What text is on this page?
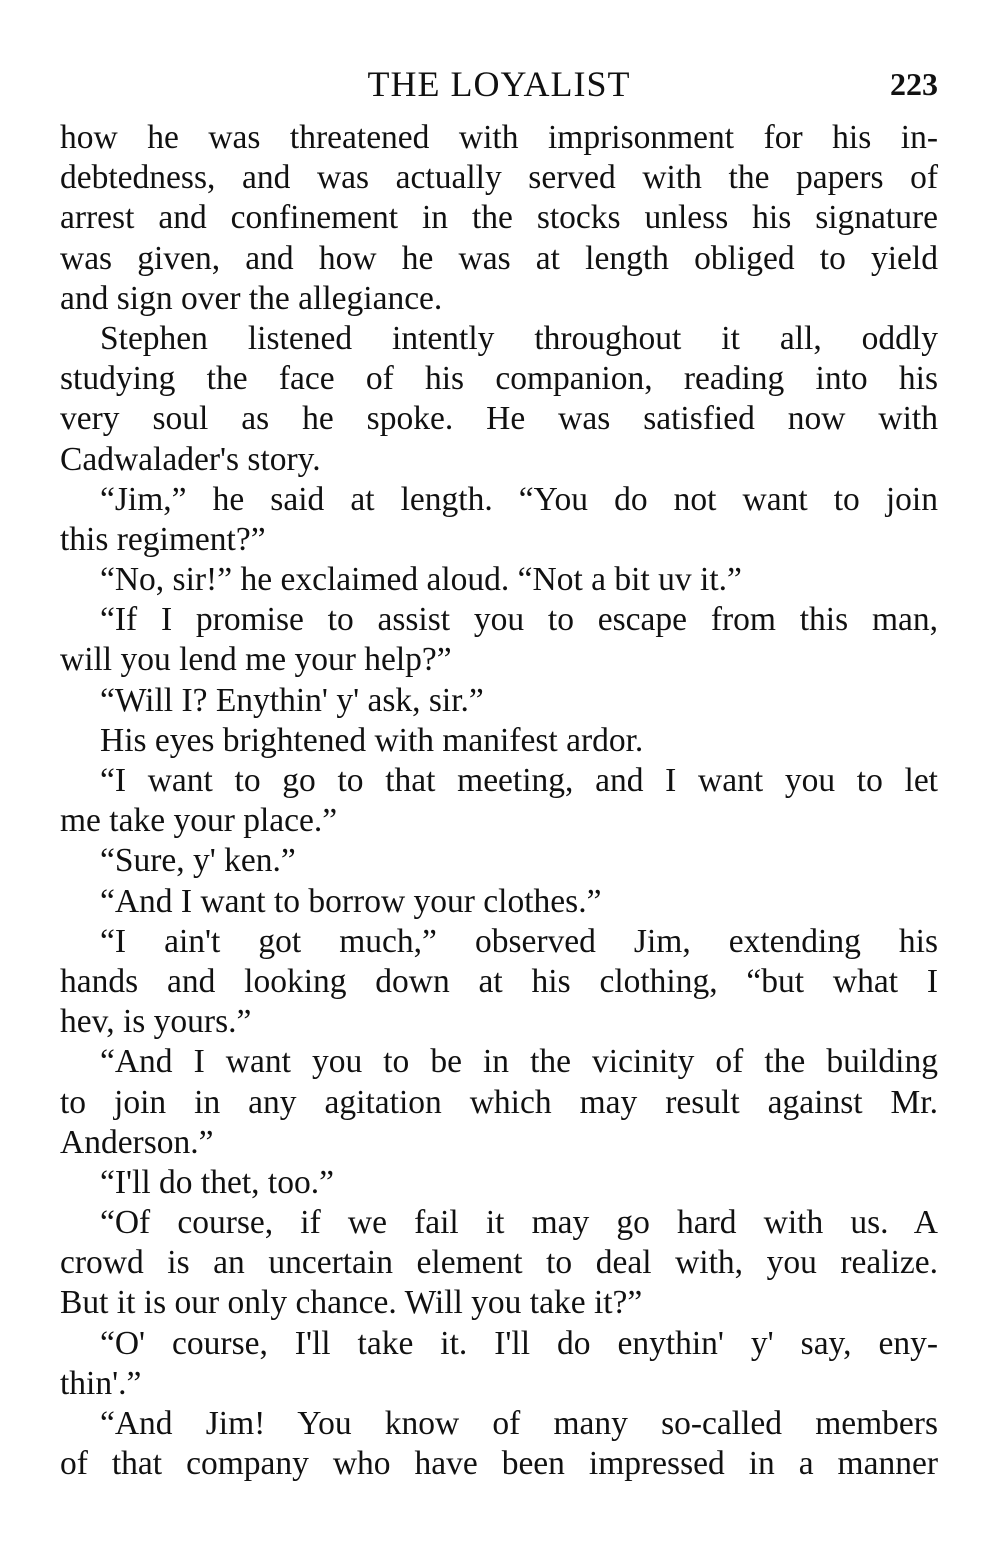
THE LOYALIST	223
how he was threatened with imprisonment for his in-
debtedness, and was actually served with the papers of
arrest and confinement in the stocks unless his signature
was given, and how he was at length obliged to yield
and sign over the allegiance.
Stephen listened intently throughout it all, oddly
studying the face of his companion, reading into his
very soul as he spoke. He was satisfied now with
Cadwalader's story.
“Jim,” he said at length. “You do not want to join
this regiment?”
“No, sir!” he exclaimed aloud. “Not a bit uv it.”
“If I promise to assist you to escape from this man,
will you lend me your help?”
“Will I? Enythin' y' ask, sir.”
His eyes brightened with manifest ardor.
“I want to go to that meeting, and I want you to let
me take your place.”
“Sure, y' ken.”
“And I want to borrow your clothes.”
“I ain't got much,” observed Jim, extending his
hands and looking down at his clothing, “but what I
hev, is yours.”
“And I want you to be in the vicinity of the building
to join in any agitation which may result against Mr.
Anderson.”
“I'll do thet, too.”
“Of course, if we fail it may go hard with us. A
crowd is an uncertain element to deal with, you realize.
But it is our only chance. Will you take it?”
“O' course, I'll take it. I'll do enythin' y' say, eny-
thin'.”
“And Jim! You know of many so-called members
of that company who have been impressed in a manner
